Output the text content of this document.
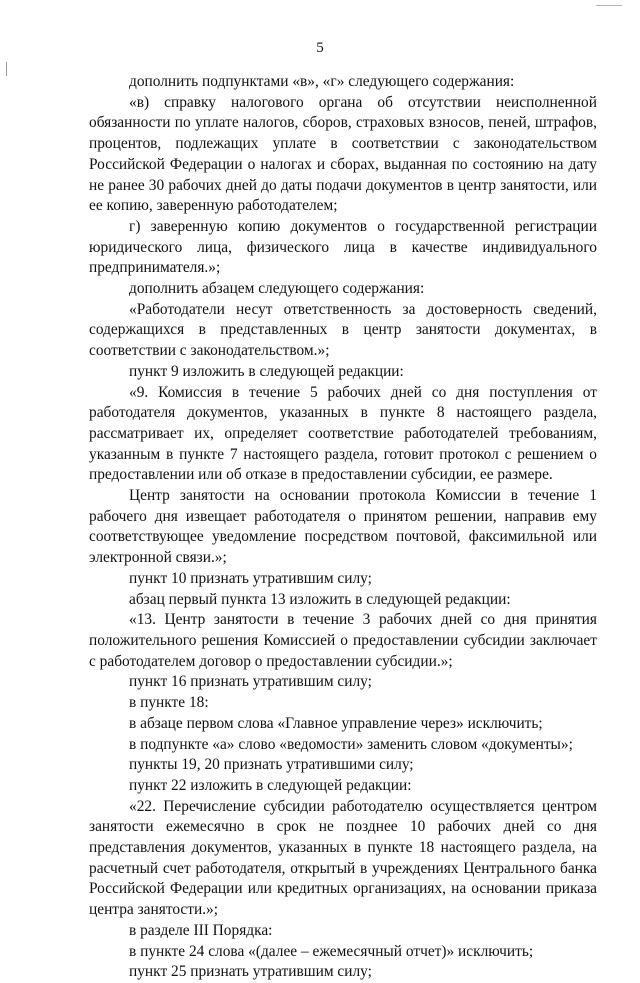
5

дополнить подпунктами «в», «г» следующего содержания:

«в) справку налогового органа об отсутствии неисполненной обязанности по уплате налогов, сборов, страховых взносов, пеней, штрафов, процентов, подлежащих уплате в соответствии с законодательством Российской Федерации о налогах и сборах, выданная по состоянию на дату не ранее 30 рабочих дней до даты подачи документов в центр занятости, или ее копию, заверенную работодателем;

г) заверенную копию документов о государственной регистрации юридического лица, физического лица в качестве индивидуального предпринимателя.»;

дополнить абзацем следующего содержания:

«Работодатели несут ответственность за достоверность сведений, содержащихся в представленных в центр занятости документах, в соответствии с законодательством.»;

пункт 9 изложить в следующей редакции:

«9. Комиссия в течение 5 рабочих дней со дня поступления от работодателя документов, указанных в пункте 8 настоящего раздела, рассматривает их, определяет соответствие работодателей требованиям, указанным в пункте 7 настоящего раздела, готовит протокол с решением о предоставлении или об отказе в предоставлении субсидии, ее размере.

Центр занятости на основании протокола Комиссии в течение 1 рабочего дня извещает работодателя о принятом решении, направив ему соответствующее уведомление посредством почтовой, факсимильной или электронной связи.»;

пункт 10 признать утратившим силу;

абзац первый пункта 13 изложить в следующей редакции:

«13. Центр занятости в течение 3 рабочих дней со дня принятия положительного решения Комиссией о предоставлении субсидии заключает с работодателем договор о предоставлении субсидии.»;

пункт 16 признать утратившим силу;

в пункте 18:

в абзаце первом слова «Главное управление через» исключить;

в подпункте «а» слово «ведомости» заменить словом «документы»;

пункты 19, 20 признать утратившими силу;

пункт 22 изложить в следующей редакции:

«22. Перечисление субсидии работодателю осуществляется центром занятости ежемесячно в срок не позднее 10 рабочих дней со дня представления документов, указанных в пункте 18 настоящего раздела, на расчетный счет работодателя, открытый в учреждениях Центрального банка Российской Федерации или кредитных организациях, на основании приказа центра занятости.»;

в разделе III Порядка:

в пункте 24 слова «(далее – ежемесячный отчет)» исключить;

пункт 25 признать утратившим силу;
